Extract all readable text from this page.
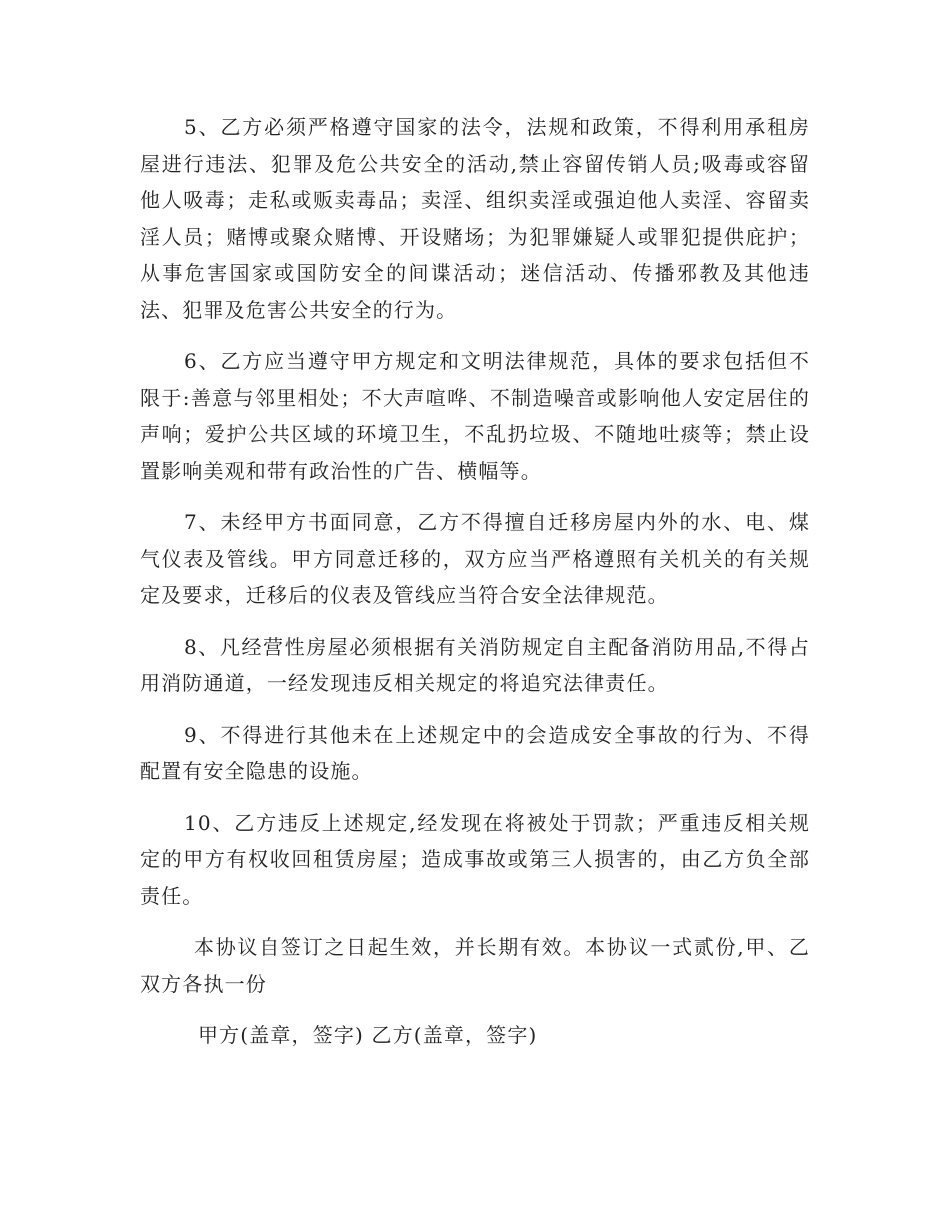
5、乙方必须严格遵守国家的法令，法规和政策，不得利用承租房屋进行违法、犯罪及危公共安全的活动,禁止容留传销人员;吸毒或容留他人吸毒；走私或贩卖毒品；卖淫、组织卖淫或强迫他人卖淫、容留卖淫人员；赌博或聚众赌博、开设赌场；为犯罪嫌疑人或罪犯提供庇护；从事危害国家或国防安全的间谍活动；迷信活动、传播邪教及其他违法、犯罪及危害公共安全的行为。

6、乙方应当遵守甲方规定和文明法律规范，具体的要求包括但不限于:善意与邻里相处；不大声喧哗、不制造噪音或影响他人安定居住的声响；爱护公共区域的环境卫生，不乱扔垃圾、不随地吐痰等；禁止设置影响美观和带有政治性的广告、横幅等。

7、未经甲方书面同意，乙方不得擅自迁移房屋内外的水、电、煤气仪表及管线。甲方同意迁移的，双方应当严格遵照有关机关的有关规定及要求，迁移后的仪表及管线应当符合安全法律规范。

8、凡经营性房屋必须根据有关消防规定自主配备消防用品,不得占用消防通道，一经发现违反相关规定的将追究法律责任。

9、不得进行其他未在上述规定中的会造成安全事故的行为、不得配置有安全隐患的设施。

10、乙方违反上述规定,经发现在将被处于罚款；严重违反相关规定的甲方有权收回租赁房屋；造成事故或第三人损害的，由乙方负全部责任。

本协议自签订之日起生效，并长期有效。本协议一式贰份,甲、乙双方各执一份

甲方(盖章，签字) 乙方(盖章，签字)
